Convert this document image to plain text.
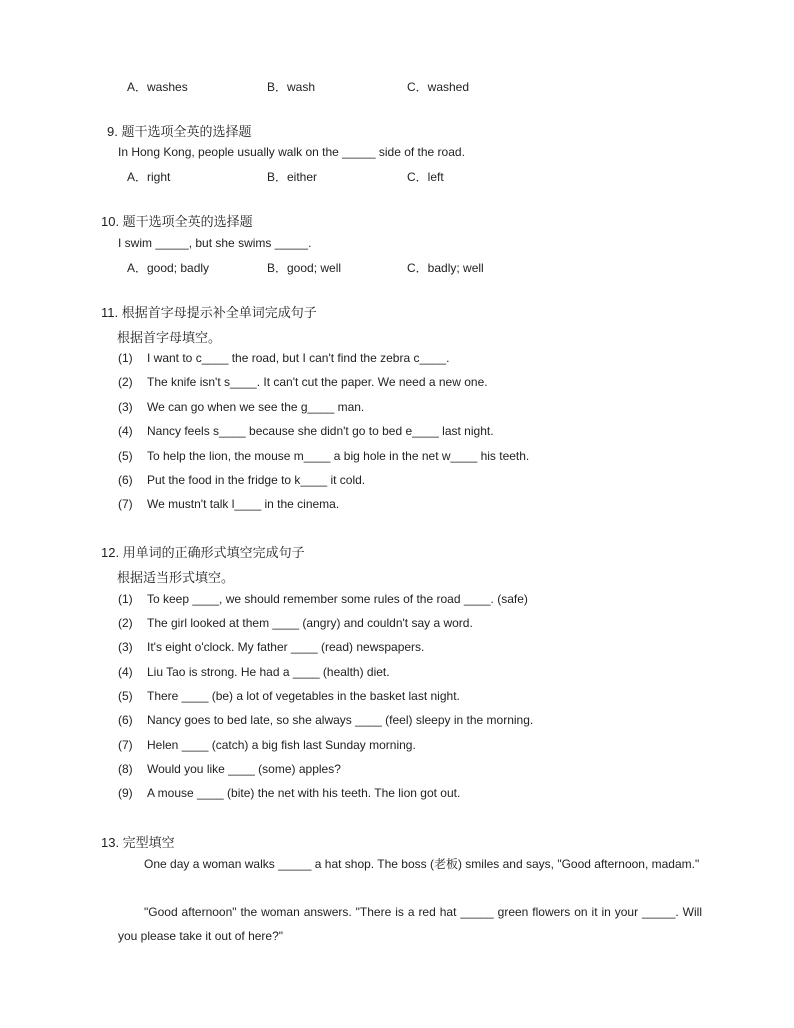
A．washes	B．wash	C．washed
9. 题干选项全英的选择题
In Hong Kong, people usually walk on the _____ side of the road.
A．right	B．either	C．left
10. 题干选项全英的选择题
I swim _____, but she swims _____.
A．good; badly	B．good; well	C．badly; well
11. 根据首字母提示补全单词完成句子
根据首字母填空。
(1) I want to c____ the road, but I can't find the zebra c____.
(2) The knife isn't s____. It can't cut the paper. We need a new one.
(3) We can go when we see the g____ man.
(4) Nancy feels s____ because she didn't go to bed e____ last night.
(5) To help the lion, the mouse m____ a big hole in the net w____ his teeth.
(6) Put the food in the fridge to k____ it cold.
(7) We mustn't talk l____ in the cinema.
12. 用单词的正确形式填空完成句子
根据适当形式填空。
(1) To keep ____, we should remember some rules of the road ____. (safe)
(2) The girl looked at them ____ (angry) and couldn't say a word.
(3) It's eight o'clock. My father ____ (read) newspapers.
(4) Liu Tao is strong. He had a ____ (health) diet.
(5) There ____ (be) a lot of vegetables in the basket last night.
(6) Nancy goes to bed late, so she always ____ (feel) sleepy in the morning.
(7) Helen ____ (catch) a big fish last Sunday morning.
(8) Would you like ____ (some) apples?
(9) A mouse ____ (bite) the net with his teeth. The lion got out.
13. 完型填空
One day a woman walks _____ a hat shop. The boss (老板) smiles and says, "Good afternoon, madam."
"Good afternoon" the woman answers. "There is a red hat _____ green flowers on it in your _____. Will you please take it out of here?"
